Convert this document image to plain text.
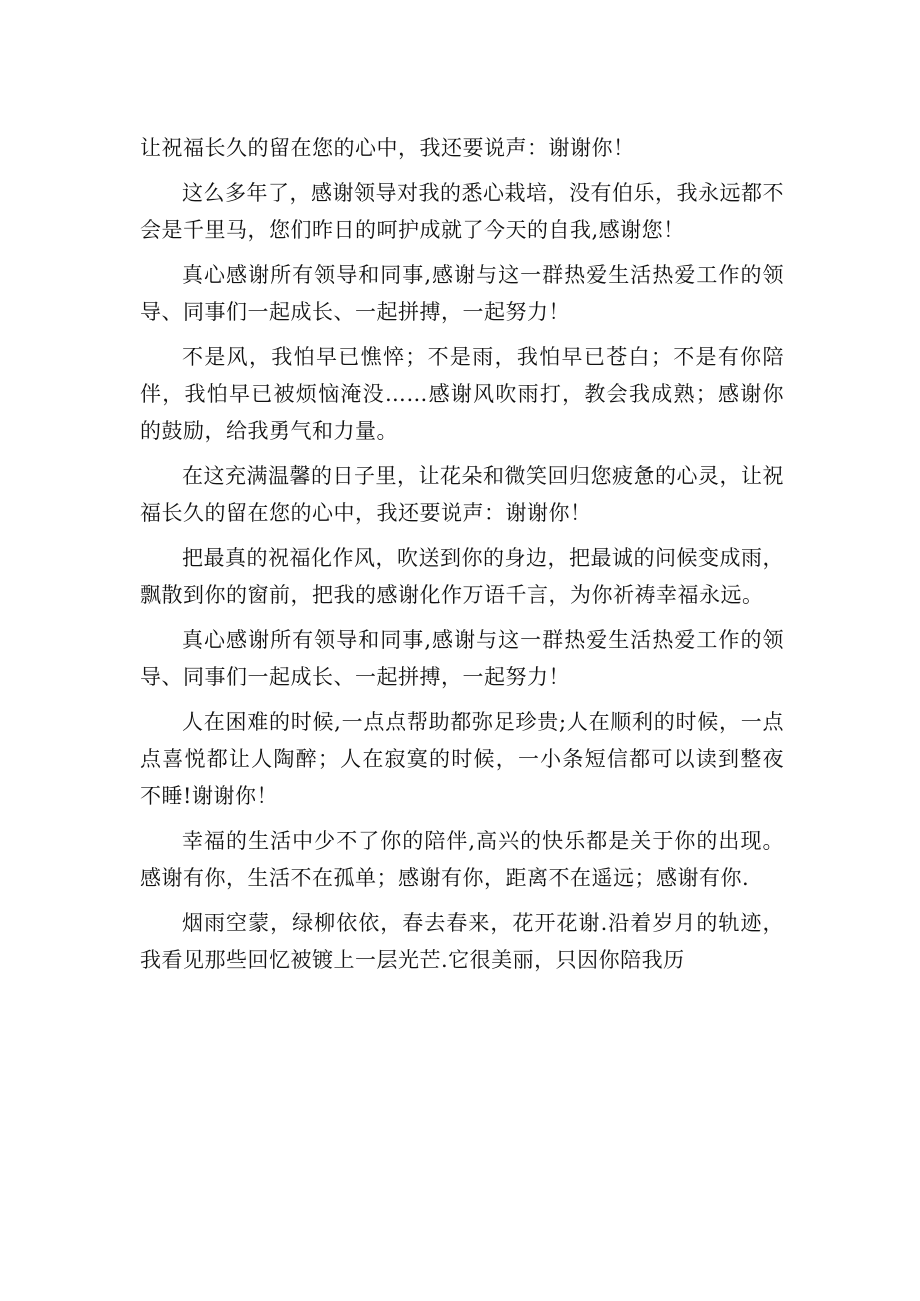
让祝福长久的留在您的心中，我还要说声：谢谢你！

这么多年了，感谢领导对我的悉心栽培，没有伯乐，我永远都不会是千里马，您们昨日的呵护成就了今天的自我,感谢您！

真心感谢所有领导和同事,感谢与这一群热爱生活热爱工作的领导、同事们一起成长、一起拼搏，一起努力！

不是风，我怕早已憔悴；不是雨，我怕早已苍白；不是有你陪伴，我怕早已被烦恼淹没……感谢风吹雨打，教会我成熟；感谢你的鼓励，给我勇气和力量。

在这充满温馨的日子里，让花朵和微笑回归您疲惫的心灵，让祝福长久的留在您的心中，我还要说声：谢谢你！

把最真的祝福化作风，吹送到你的身边，把最诚的问候变成雨，飘散到你的窗前，把我的感谢化作万语千言，为你祈祷幸福永远。

真心感谢所有领导和同事,感谢与这一群热爱生活热爱工作的领导、同事们一起成长、一起拼搏，一起努力！

人在困难的时候,一点点帮助都弥足珍贵;人在顺利的时候，一点点喜悦都让人陶醉；人在寂寞的时候，一小条短信都可以读到整夜不睡!谢谢你！

幸福的生活中少不了你的陪伴,高兴的快乐都是关于你的出现。感谢有你，生活不在孤单；感谢有你，距离不在遥远；感谢有你.

烟雨空蒙，绿柳依依，春去春来，花开花谢.沿着岁月的轨迹，我看见那些回忆被镀上一层光芒.它很美丽，只因你陪我历
